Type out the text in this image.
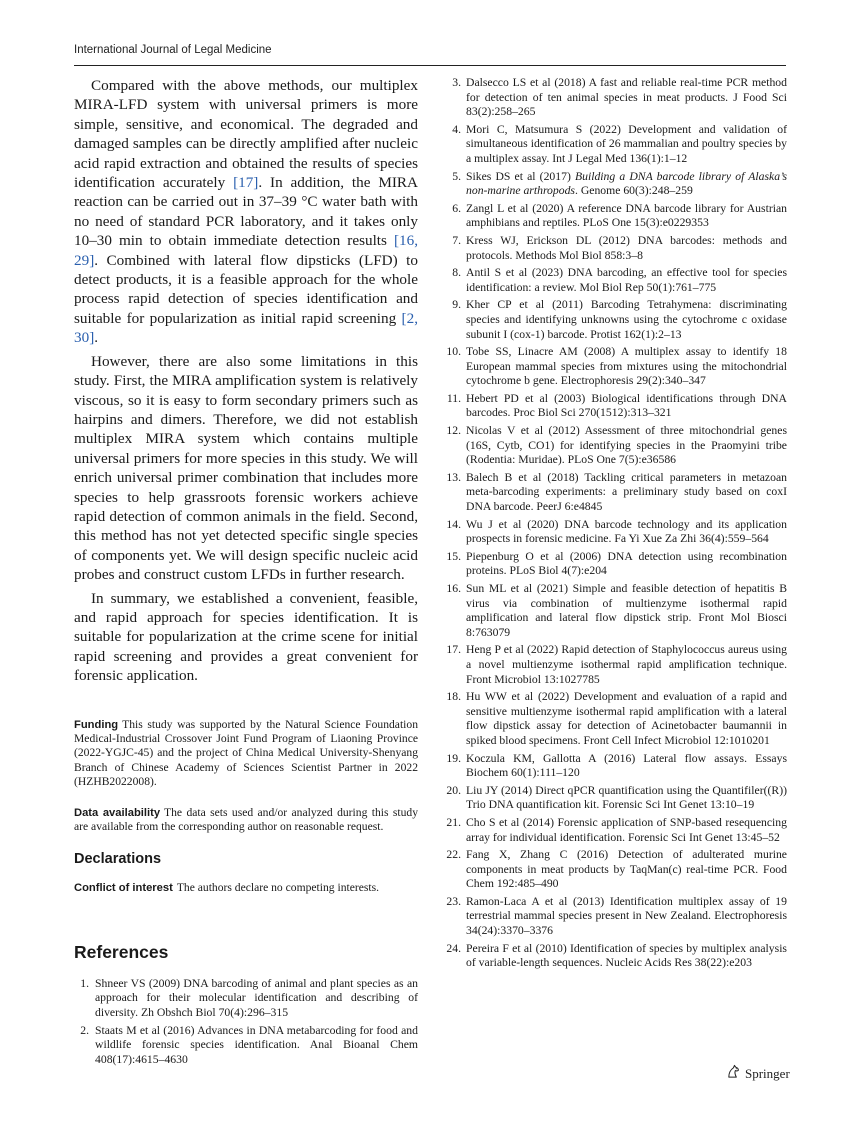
International Journal of Legal Medicine

Compared with the above methods, our multiplex MIRA-LFD system with universal primers is more simple, sensitive, and economical. The degraded and damaged samples can be directly amplified after nucleic acid rapid extraction and obtained the results of species identification accurately [17]. In addition, the MIRA reaction can be carried out in 37–39 °C water bath with no need of standard PCR laboratory, and it takes only 10–30 min to obtain immediate detection results [16, 29]. Combined with lateral flow dipsticks (LFD) to detect products, it is a feasible approach for the whole process rapid detection of species identification and suitable for popularization as initial rapid screening [2, 30].

However, there are also some limitations in this study. First, the MIRA amplification system is relatively viscous, so it is easy to form secondary primers such as hairpins and dimers. Therefore, we did not establish multiplex MIRA system which contains multiple universal primers for more species in this study. We will enrich universal primer combination that includes more species to help grassroots forensic workers achieve rapid detection of common animals in the field. Second, this method has not yet detected specific single species of components yet. We will design specific nucleic acid probes and construct custom LFDs in further research.

In summary, we established a convenient, feasible, and rapid approach for species identification. It is suitable for popularization at the crime scene for initial rapid screening and provides a great convenient for forensic application.

Funding This study was supported by the Natural Science Foundation Medical-Industrial Crossover Joint Fund Program of Liaoning Province (2022-YGJC-45) and the project of China Medical University-Shenyang Branch of Chinese Academy of Sciences Scientist Partner in 2022 (HZHB2022008).

Data availability The data sets used and/or analyzed during this study are available from the corresponding author on reasonable request.

Declarations

Conflict of interest The authors declare no competing interests.

References
1. Shneer VS (2009) DNA barcoding of animal and plant species as an approach for their molecular identification and describing of diversity. Zh Obshch Biol 70(4):296–315
2. Staats M et al (2016) Advances in DNA metabarcoding for food and wildlife forensic species identification. Anal Bioanal Chem 408(17):4615–4630
3. Dalsecco LS et al (2018) A fast and reliable real-time PCR method for detection of ten animal species in meat products. J Food Sci 83(2):258–265
4. Mori C, Matsumura S (2022) Development and validation of simultaneous identification of 26 mammalian and poultry species by a multiplex assay. Int J Legal Med 136(1):1–12
5. Sikes DS et al (2017) Building a DNA barcode library of Alaska’s non-marine arthropods. Genome 60(3):248–259
6. Zangl L et al (2020) A reference DNA barcode library for Austrian amphibians and reptiles. PLoS One 15(3):e0229353
7. Kress WJ, Erickson DL (2012) DNA barcodes: methods and protocols. Methods Mol Biol 858:3–8
8. Antil S et al (2023) DNA barcoding, an effective tool for species identification: a review. Mol Biol Rep 50(1):761–775
9. Kher CP et al (2011) Barcoding Tetrahymena: discriminating species and identifying unknowns using the cytochrome c oxidase subunit I (cox-1) barcode. Protist 162(1):2–13
10. Tobe SS, Linacre AM (2008) A multiplex assay to identify 18 European mammal species from mixtures using the mitochondrial cytochrome b gene. Electrophoresis 29(2):340–347
11. Hebert PD et al (2003) Biological identifications through DNA barcodes. Proc Biol Sci 270(1512):313–321
12. Nicolas V et al (2012) Assessment of three mitochondrial genes (16S, Cytb, CO1) for identifying species in the Praomyini tribe (Rodentia: Muridae). PLoS One 7(5):e36586
13. Balech B et al (2018) Tackling critical parameters in metazoan meta-barcoding experiments: a preliminary study based on coxI DNA barcode. PeerJ 6:e4845
14. Wu J et al (2020) DNA barcode technology and its application prospects in forensic medicine. Fa Yi Xue Za Zhi 36(4):559–564
15. Piepenburg O et al (2006) DNA detection using recombination proteins. PLoS Biol 4(7):e204
16. Sun ML et al (2021) Simple and feasible detection of hepatitis B virus via combination of multienzyme isothermal rapid amplification and lateral flow dipstick strip. Front Mol Biosci 8:763079
17. Heng P et al (2022) Rapid detection of Staphylococcus aureus using a novel multienzyme isothermal rapid amplification technique. Front Microbiol 13:1027785
18. Hu WW et al (2022) Development and evaluation of a rapid and sensitive multienzyme isothermal rapid amplification with a lateral flow dipstick assay for detection of Acinetobacter baumannii in spiked blood specimens. Front Cell Infect Microbiol 12:1010201
19. Koczula KM, Gallotta A (2016) Lateral flow assays. Essays Biochem 60(1):111–120
20. Liu JY (2014) Direct qPCR quantification using the Quantifiler((R)) Trio DNA quantification kit. Forensic Sci Int Genet 13:10–19
21. Cho S et al (2014) Forensic application of SNP-based resequencing array for individual identification. Forensic Sci Int Genet 13:45–52
22. Fang X, Zhang C (2016) Detection of adulterated murine components in meat products by TaqMan(c) real-time PCR. Food Chem 192:485–490
23. Ramon-Laca A et al (2013) Identification multiplex assay of 19 terrestrial mammal species present in New Zealand. Electrophoresis 34(24):3370–3376
24. Pereira F et al (2010) Identification of species by multiplex analysis of variable-length sequences. Nucleic Acids Res 38(22):e203
Springer
